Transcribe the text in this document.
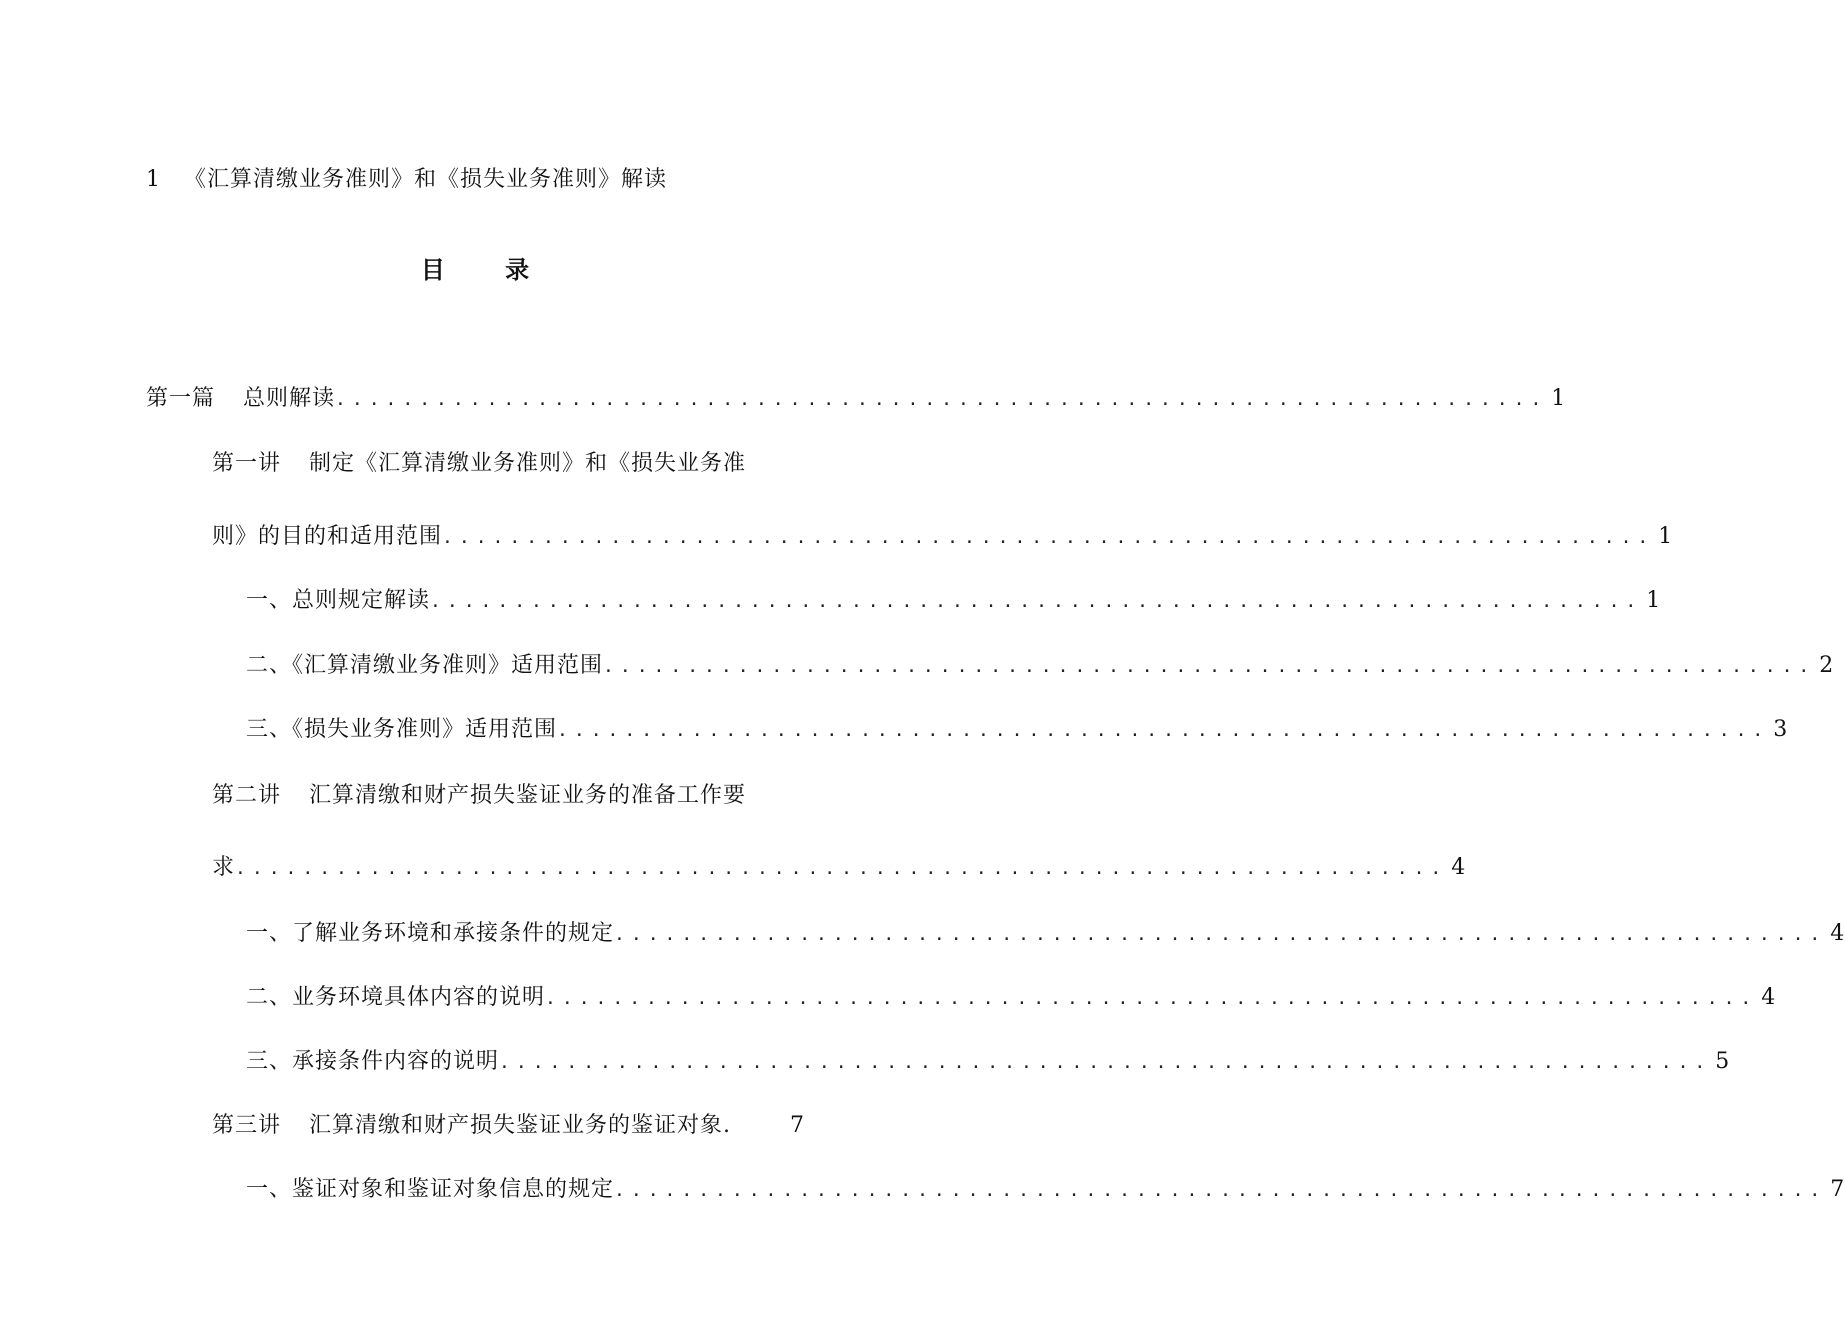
1 《汇算清缴业务准则》和《损失业务准则》解读
目 录
第一篇 总则解读 ........................................................................ 1
第一讲 制定《汇算清缴业务准则》和《损失业务准
则》的目的和适用范围 ........................................................................ 1
一、总则规定解读 ........................................................................ 1
二、《汇算清缴业务准则》适用范围 ........................................................................ 2
三、《损失业务准则》适用范围 ........................................................................ 3
第二讲 汇算清缴和财产损失鉴证业务的准备工作要
求 ........................................................................ 4
一、了解业务环境和承接条件的规定 ........................................................................ 4
二、业务环境具体内容的说明 ........................................................................ 4
三、承接条件内容的说明 ........................................................................ 5
第三讲 汇算清缴和财产损失鉴证业务的鉴证对象.	7
一、鉴证对象和鉴证对象信息的规定 ........................................................................ 7
